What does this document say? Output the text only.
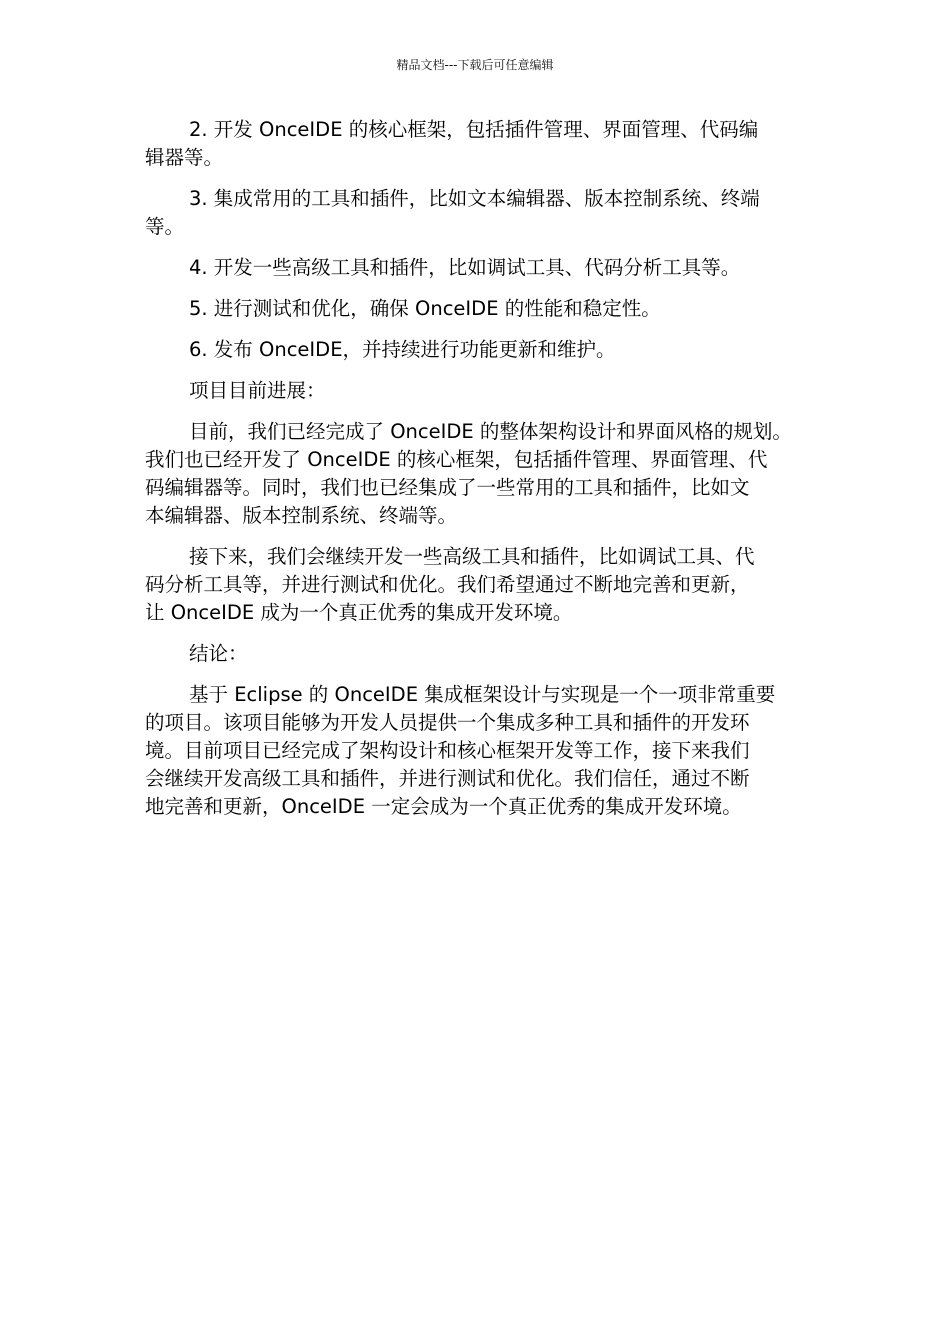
精品文档---下载后可任意编辑

2. 开发 OnceIDE 的核心框架，包括插件管理、界面管理、代码编
辑器等。

3. 集成常用的工具和插件，比如文本编辑器、版本控制系统、终端
等。

4. 开发一些高级工具和插件，比如调试工具、代码分析工具等。

5. 进行测试和优化，确保 OnceIDE 的性能和稳定性。

6. 发布 OnceIDE，并持续进行功能更新和维护。

项目目前进展：

目前，我们已经完成了 OnceIDE 的整体架构设计和界面风格的规划。
我们也已经开发了 OnceIDE 的核心框架，包括插件管理、界面管理、代
码编辑器等。同时，我们也已经集成了一些常用的工具和插件，比如文
本编辑器、版本控制系统、终端等。

接下来，我们会继续开发一些高级工具和插件，比如调试工具、代
码分析工具等，并进行测试和优化。我们希望通过不断地完善和更新，
让 OnceIDE 成为一个真正优秀的集成开发环境。

结论：

基于 Eclipse 的 OnceIDE 集成框架设计与实现是一个一项非常重要
的项目。该项目能够为开发人员提供一个集成多种工具和插件的开发环
境。目前项目已经完成了架构设计和核心框架开发等工作，接下来我们
会继续开发高级工具和插件，并进行测试和优化。我们信任，通过不断
地完善和更新，OnceIDE 一定会成为一个真正优秀的集成开发环境。
